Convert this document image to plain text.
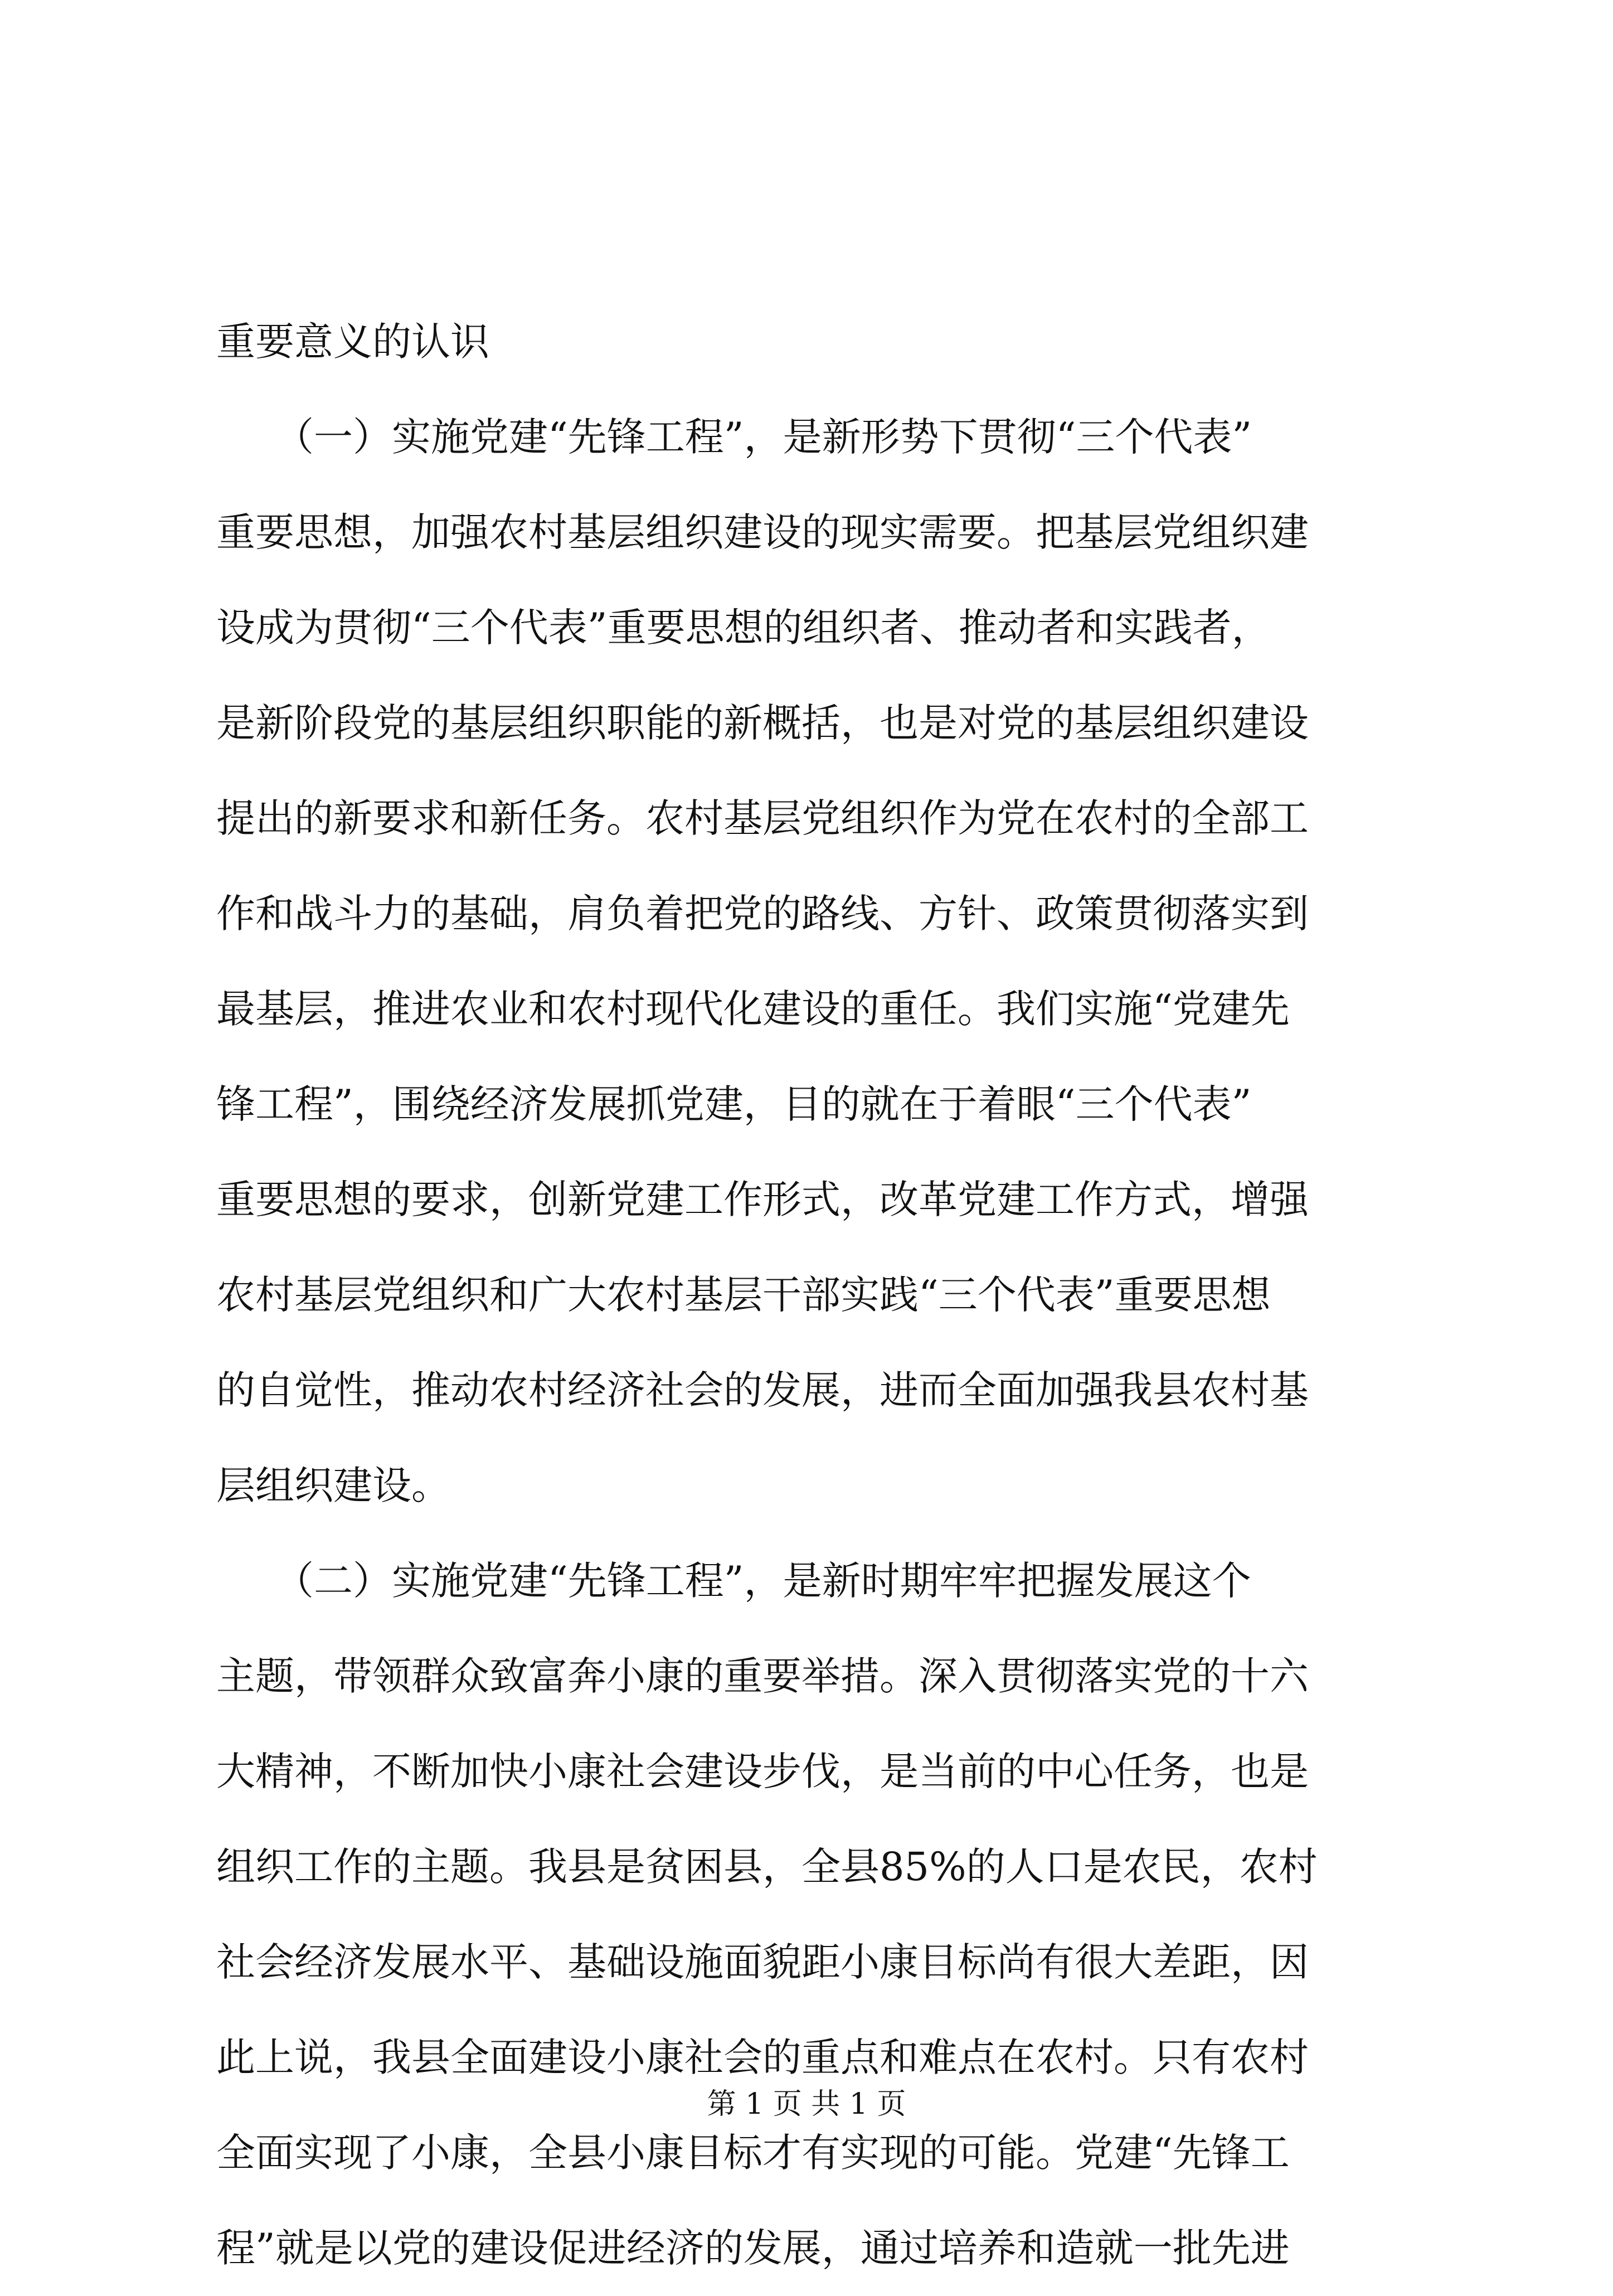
重要意义的认识
　　（一）实施党建“先锋工程”，是新形势下贯彻“三个代表”
重要思想，加强农村基层组织建设的现实需要。把基层党组织建
设成为贯彻“三个代表”重要思想的组织者、推动者和实践者，
是新阶段党的基层组织职能的新概括，也是对党的基层组织建设
提出的新要求和新任务。农村基层党组织作为党在农村的全部工
作和战斗力的基础，肩负着把党的路线、方针、政策贯彻落实到
最基层，推进农业和农村现代化建设的重任。我们实施“党建先
锋工程”，围绕经济发展抓党建，目的就在于着眼“三个代表”
重要思想的要求，创新党建工作形式，改革党建工作方式，增强
农村基层党组织和广大农村基层干部实践“三个代表”重要思想
的自觉性，推动农村经济社会的发展，进而全面加强我县农村基
层组织建设。
　　（二）实施党建“先锋工程”，是新时期牢牢把握发展这个
主题，带领群众致富奔小康的重要举措。深入贯彻落实党的十六
大精神，不断加快小康社会建设步伐，是当前的中心任务，也是
组织工作的主题。我县是贫困县，全县85%的人口是农民，农村
社会经济发展水平、基础设施面貌距小康目标尚有很大差距，因
此上说，我县全面建设小康社会的重点和难点在农村。只有农村
全面实现了小康，全县小康目标才有实现的可能。党建“先锋工
程”就是以党的建设促进经济的发展，通过培养和造就一批先进
第 1 页 共 1 页
